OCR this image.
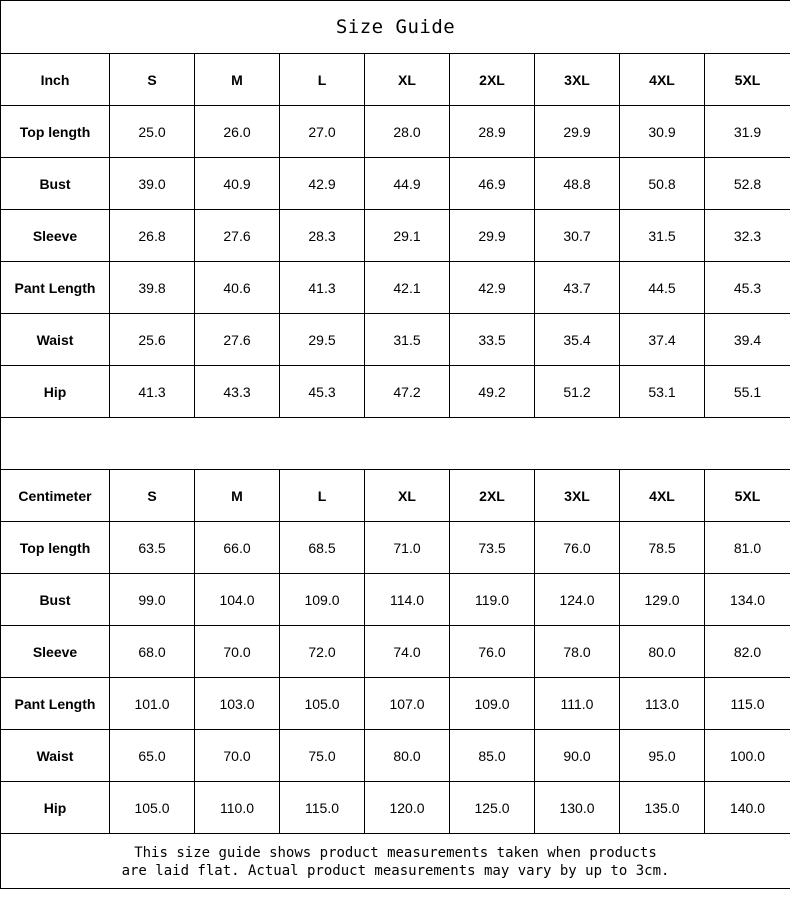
Size Guide								
Inch	S	M	L	XL	2XL	3XL	4XL	5XL
Top length	25.0	26.0	27.0	28.0	28.9	29.9	30.9	31.9
Bust	39.0	40.9	42.9	44.9	46.9	48.8	50.8	52.8
Sleeve	26.8	27.6	28.3	29.1	29.9	30.7	31.5	32.3
Pant Length	39.8	40.6	41.3	42.1	42.9	43.7	44.5	45.3
Waist	25.6	27.6	29.5	31.5	33.5	35.4	37.4	39.4
Hip	41.3	43.3	45.3	47.2	49.2	51.2	53.1	55.1

Centimeter	S	M	L	XL	2XL	3XL	4XL	5XL
Top length	63.5	66.0	68.5	71.0	73.5	76.0	78.5	81.0
Bust	99.0	104.0	109.0	114.0	119.0	124.0	129.0	134.0
Sleeve	68.0	70.0	72.0	74.0	76.0	78.0	80.0	82.0
Pant Length	101.0	103.0	105.0	107.0	109.0	111.0	113.0	115.0
Waist	65.0	70.0	75.0	80.0	85.0	90.0	95.0	100.0
Hip	105.0	110.0	115.0	120.0	125.0	130.0	135.0	140.0

This size guide shows product measurements taken when products
are laid flat. Actual product measurements may vary by up to 3cm.								
